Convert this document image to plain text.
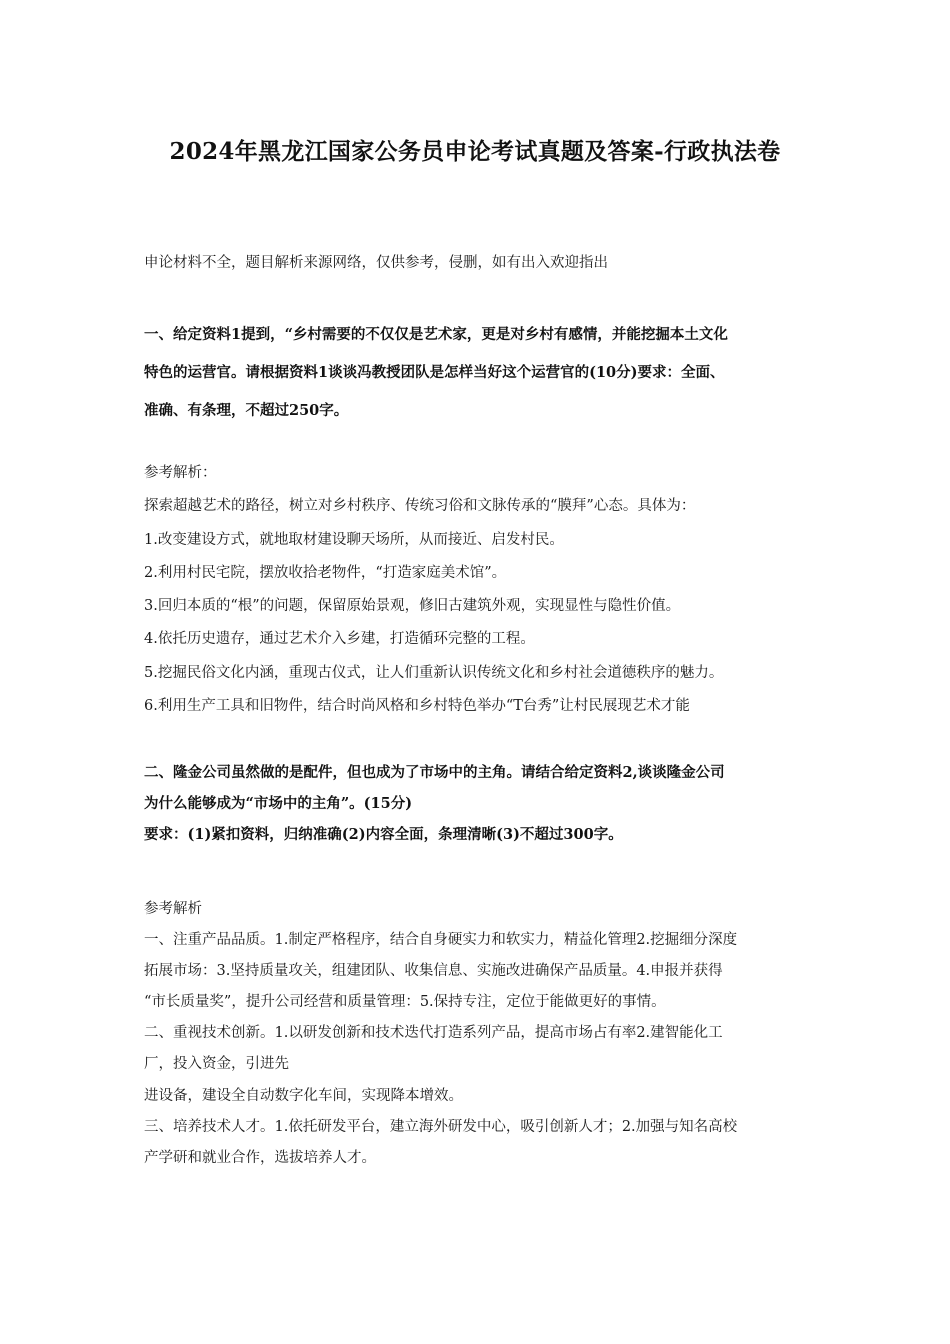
2024年黑龙江国家公务员申论考试真题及答案-行政执法卷
申论材料不全，题目解析来源网络，仅供参考，侵删，如有出入欢迎指出
一、给定资料1提到，“乡村需要的不仅仅是艺术家，更是对乡村有感情，并能挖掘本土文化
特色的运营官。请根据资料1谈谈冯教授团队是怎样当好这个运营官的(10分)要求：全面、
准确、有条理，不超过250字。
参考解析：
探索超越艺术的路径，树立对乡村秩序、传统习俗和文脉传承的“膜拜”心态。具体为：
1.改变建设方式，就地取材建设聊天场所，从而接近、启发村民。
2.利用村民宅院，摆放收拾老物件，“打造家庭美术馆”。
3.回归本质的“根”的问题，保留原始景观，修旧古建筑外观，实现显性与隐性价值。
4.依托历史遗存，通过艺术介入乡建，打造循环完整的工程。
5.挖掘民俗文化内涵，重现古仪式，让人们重新认识传统文化和乡村社会道德秩序的魅力。
6.利用生产工具和旧物件，结合时尚风格和乡村特色举办“T台秀”让村民展现艺术才能
二、隆金公司虽然做的是配件，但也成为了市场中的主角。请结合给定资料2,谈谈隆金公司
为什么能够成为“市场中的主角”。(15分)
要求：(1)紧扣资料，归纳准确(2)内容全面，条理清晰(3)不超过300字。
参考解析
一、注重产品品质。1.制定严格程序，结合自身硬实力和软实力，精益化管理2.挖掘细分深度
拓展市场：3.坚持质量攻关，组建团队、收集信息、实施改进确保产品质量。4.申报并获得
“市长质量奖”，提升公司经营和质量管理：5.保持专注，定位于能做更好的事情。
二、重视技术创新。1.以研发创新和技术迭代打造系列产品，提高市场占有率2.建智能化工
厂，投入资金，引进先
进设备，建设全自动数字化车间，实现降本增效。
三、培养技术人才。1.依托研发平台，建立海外研发中心，吸引创新人才；2.加强与知名高校
产学研和就业合作，选拔培养人才。
